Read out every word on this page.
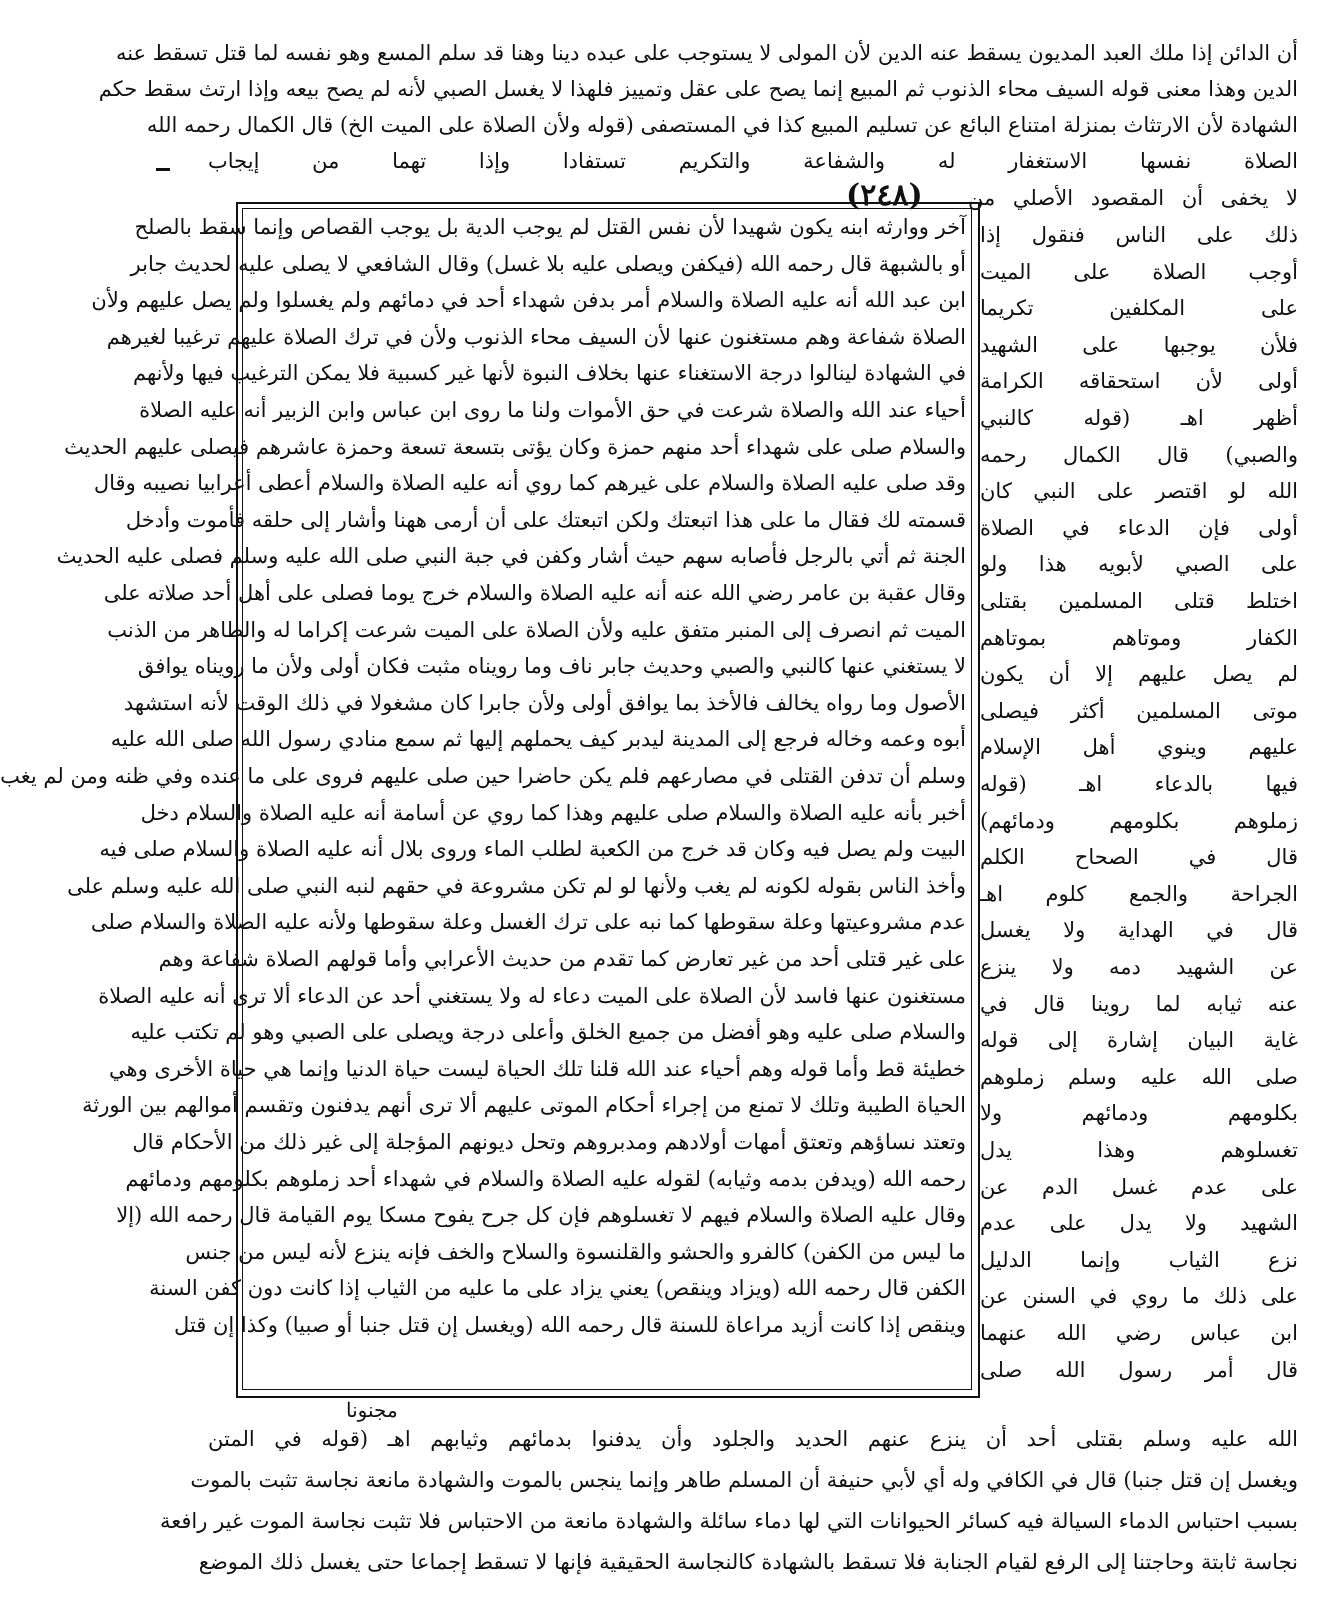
أن الدائن إذا ملك العبد المديون يسقط عنه الدين لأن المولى لا يستوجب على عبده دينا وهنا قد سلم المسع وهو نفسه لما قتل تسقط عنه
الدين وهذا معنى قوله السيف محاء الذنوب ثم المبيع إنما يصح على عقل وتمييز فلهذا لا يغسل الصبي لأنه لم يصح بيعه وإذا ارتث سقط حكم
الشهادة لأن الارتثاث بمنزلة امتناع البائع عن تسليم المبيع كذا في المستصفى (قوله ولأن الصلاة على الميت الخ) قال الكمال رحمه الله
الصلاة نفسها الاستغفار له والشفاعة والتكريم تستفادا وإذا تهما من إيجاب
(٢٤٨) لا يخفى أن المقصود الأصلي من
آخر ووارثه ابنه يكون شهيدا لأن نفس القتل لم يوجب الدية بل يوجب القصاص وإنما سقط بالصلح
أو بالشبهة قال رحمه الله (فيكفن ويصلى عليه بلا غسل) وقال الشافعي لا يصلى عليه لحديث جابر
ابن عبد الله أنه عليه الصلاة والسلام أمر بدفن شهداء أحد في دمائهم ولم يغسلوا ولم يصل عليهم ولأن
الصلاة شفاعة وهم مستغنون عنها لأن السيف محاء الذنوب ولأن في ترك الصلاة عليهم ترغيبا لغيرهم
في الشهادة لينالوا درجة الاستغناء عنها بخلاف النبوة لأنها غير كسبية فلا يمكن الترغيب فيها ولأنهم
أحياء عند الله والصلاة شرعت في حق الأموات ولنا ما روى ابن عباس وابن الزبير أنه عليه الصلاة
والسلام صلى على شهداء أحد منهم حمزة وكان يؤتى بتسعة تسعة وحمزة عاشرهم فيصلى عليهم الحديث
وقد صلى عليه الصلاة والسلام على غيرهم كما روي أنه عليه الصلاة والسلام أعطى أعرابيا نصيبه وقال
قسمته لك فقال ما على هذا اتبعتك ولكن اتبعتك على أن أرمى ههنا وأشار إلى حلقه فأموت وأدخل
الجنة ثم أتي بالرجل فأصابه سهم حيث أشار وكفن في جبة النبي صلى الله عليه وسلم فصلى عليه الحديث
وقال عقبة بن عامر رضي الله عنه أنه عليه الصلاة والسلام خرج يوما فصلى على أهل أحد صلاته على
الميت ثم انصرف إلى المنبر متفق عليه ولأن الصلاة على الميت شرعت إكراما له والطاهر من الذنب
لا يستغني عنها كالنبي والصبي وحديث جابر ناف وما رويناه مثبت فكان أولى ولأن ما رويناه يوافق
الأصول وما رواه يخالف فالأخذ بما يوافق أولى ولأن جابرا كان مشغولا في ذلك الوقت لأنه استشهد
أبوه وعمه وخاله فرجع إلى المدينة ليدبر كيف يحملهم إليها ثم سمع منادي رسول الله صلى الله عليه
وسلم أن تدفن القتلى في مصارعهم فلم يكن حاضرا حين صلى عليهم فروى على ما عنده وفي ظنه ومن لم يغب
أخبر بأنه عليه الصلاة والسلام صلى عليهم وهذا كما روي عن أسامة أنه عليه الصلاة والسلام دخل
البيت ولم يصل فيه وكان قد خرج من الكعبة لطلب الماء وروى بلال أنه عليه الصلاة والسلام صلى فيه
وأخذ الناس بقوله لكونه لم يغب ولأنها لو لم تكن مشروعة في حقهم لنبه النبي صلى الله عليه وسلم على
عدم مشروعيتها وعلة سقوطها كما نبه على ترك الغسل وعلة سقوطها ولأنه عليه الصلاة والسلام صلى
على غير قتلى أحد من غير تعارض كما تقدم من حديث الأعرابي وأما قولهم الصلاة شفاعة وهم
مستغنون عنها فاسد لأن الصلاة على الميت دعاء له ولا يستغني أحد عن الدعاء ألا ترى أنه عليه الصلاة
والسلام صلى عليه وهو أفضل من جميع الخلق وأعلى درجة ويصلى على الصبي وهو لم تكتب عليه
خطيئة قط وأما قوله وهم أحياء عند الله قلنا تلك الحياة ليست حياة الدنيا وإنما هي حياة الأخرى وهي
الحياة الطيبة وتلك لا تمنع من إجراء أحكام الموتى عليهم ألا ترى أنهم يدفنون وتقسم أموالهم بين الورثة
وتعتد نساؤهم وتعتق أمهات أولادهم ومدبروهم وتحل ديونهم المؤجلة إلى غير ذلك من الأحكام قال
رحمه الله (ويدفن بدمه وثيابه) لقوله عليه الصلاة والسلام في شهداء أحد زملوهم بكلومهم ودمائهم
وقال عليه الصلاة والسلام فيهم لا تغسلوهم فإن كل جرح يفوح مسكا يوم القيامة قال رحمه الله (إلا
ما ليس من الكفن) كالفرو والحشو والقلنسوة والسلاح والخف فإنه ينزع لأنه ليس من جنس
الكفن قال رحمه الله (ويزاد وينقص) يعني يزاد على ما عليه من الثياب إذا كانت دون كفن السنة
وينقص إذا كانت أزيد مراعاة للسنة قال رحمه الله (ويغسل إن قتل جنبا أو صبيا) وكذا إن قتل
ذلك على الناس فنقول إذا
أوجب الصلاة على الميت
على المكلفين تكريما
فلأن يوجبها على الشهيد
أولى لأن استحقاقه الكرامة
أظهر اهـ (قوله كالنبي
والصبي) قال الكمال رحمه
الله لو اقتصر على النبي كان
أولى فإن الدعاء في الصلاة
على الصبي لأبويه هذا ولو
اختلط قتلى المسلمين بقتلى
الكفار وموتاهم بموتاهم
لم يصل عليهم إلا أن يكون
موتى المسلمين أكثر فيصلى
عليهم وينوي أهل الإسلام
فيها بالدعاء اهـ (قوله
زملوهم بكلومهم ودمائهم)
قال في الصحاح الكلم
الجراحة والجمع كلوم اهـ
قال في الهداية ولا يغسل
عن الشهيد دمه ولا ينزع
عنه ثيابه لما روينا قال في
غاية البيان إشارة إلى قوله
صلى الله عليه وسلم زملوهم
بكلومهم ودمائهم ولا
تغسلوهم وهذا يدل
على عدم غسل الدم عن
الشهيد ولا يدل على عدم
نزع الثياب وإنما الدليل
على ذلك ما روي في السنن عن
ابن عباس رضي الله عنهما
قال أمر رسول الله صلى
مجنونا
الله عليه وسلم بقتلى أحد أن ينزع عنهم الحديد والجلود وأن يدفنوا بدمائهم وثيابهم اهـ (قوله في المتن
ويغسل إن قتل جنبا) قال في الكافي وله أي لأبي حنيفة أن المسلم طاهر وإنما ينجس بالموت والشهادة مانعة نجاسة تثبت بالموت
بسبب احتباس الدماء السيالة فيه كسائر الحيوانات التي لها دماء سائلة والشهادة مانعة من الاحتباس فلا تثبت نجاسة الموت غير رافعة
نجاسة ثابتة وحاجتنا إلى الرفع لقيام الجنابة فلا تسقط بالشهادة كالنجاسة الحقيقية فإنها لا تسقط إجماعا حتى يغسل ذلك الموضع
